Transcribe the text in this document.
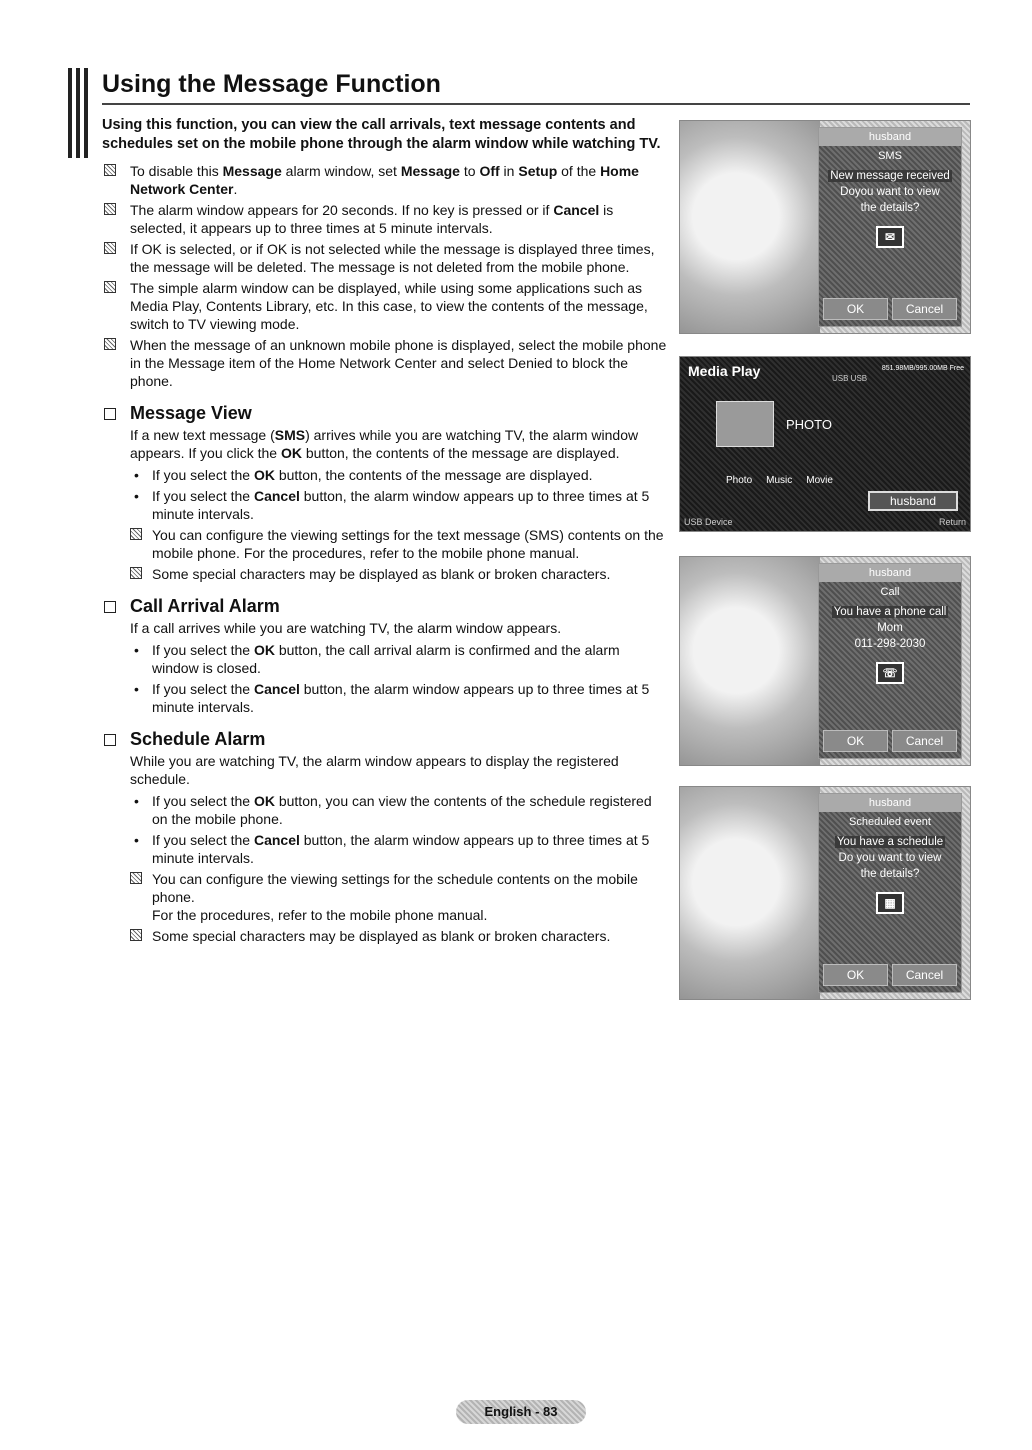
Using the Message Function

Using this function, you can view the call arrivals, text message contents and schedules set on the mobile phone through the alarm window while watching TV.

To disable this Message alarm window, set Message to Off in Setup of the Home Network Center.

The alarm window appears for 20 seconds. If no key is pressed or if Cancel is selected, it appears up to three times at 5 minute intervals.

If OK is selected, or if OK is not selected while the message is displayed three times, the message will be deleted. The message is not deleted from the mobile phone.

The simple alarm window can be displayed, while using some applications such as Media Play, Contents Library, etc. In this case, to view the contents of the message, switch to TV viewing mode.

When the message of an unknown mobile phone is displayed, select the mobile phone in the Message item of the Home Network Center and select Denied to block the phone.

Message View

If a new text message (SMS) arrives while you are watching TV, the alarm window appears. If you click the OK button, the contents of the message are displayed.

• If you select the OK button, the contents of the message are displayed.

• If you select the Cancel button, the alarm window appears up to three times at 5 minute intervals.

You can configure the viewing settings for the text message (SMS) contents on the mobile phone. For the procedures, refer to the mobile phone manual.

Some special characters may be displayed as blank or broken characters.

Call Arrival Alarm

If a call arrives while you are watching TV, the alarm window appears.

• If you select the OK button, the call arrival alarm is confirmed and the alarm window is closed.

• If you select the Cancel button, the alarm window appears up to three times at 5 minute intervals.

Schedule Alarm

While you are watching TV, the alarm window appears to display the registered schedule.

• If you select the OK button, you can view the contents of the schedule registered on the mobile phone.

• If you select the Cancel button, the alarm window appears up to three times at 5 minute intervals.

You can configure the viewing settings for the schedule contents on the mobile phone.
For the procedures, refer to the mobile phone manual.
Some special characters may be displayed as blank or broken characters.
husband
SMS
New message received
Doyou want to view
the details?
✉
OK	Cancel
Media Play	851.98MB/995.00MB Free
USB USB
PHOTO
Photo Music Movie
husband
USB Device	Return
husband
Call
You have a phone call
Mom
011-298-2030
☏
OK	Cancel
husband
Scheduled event
You have a schedule
Do you want to view
the details?
▦
OK	Cancel
English - 83
